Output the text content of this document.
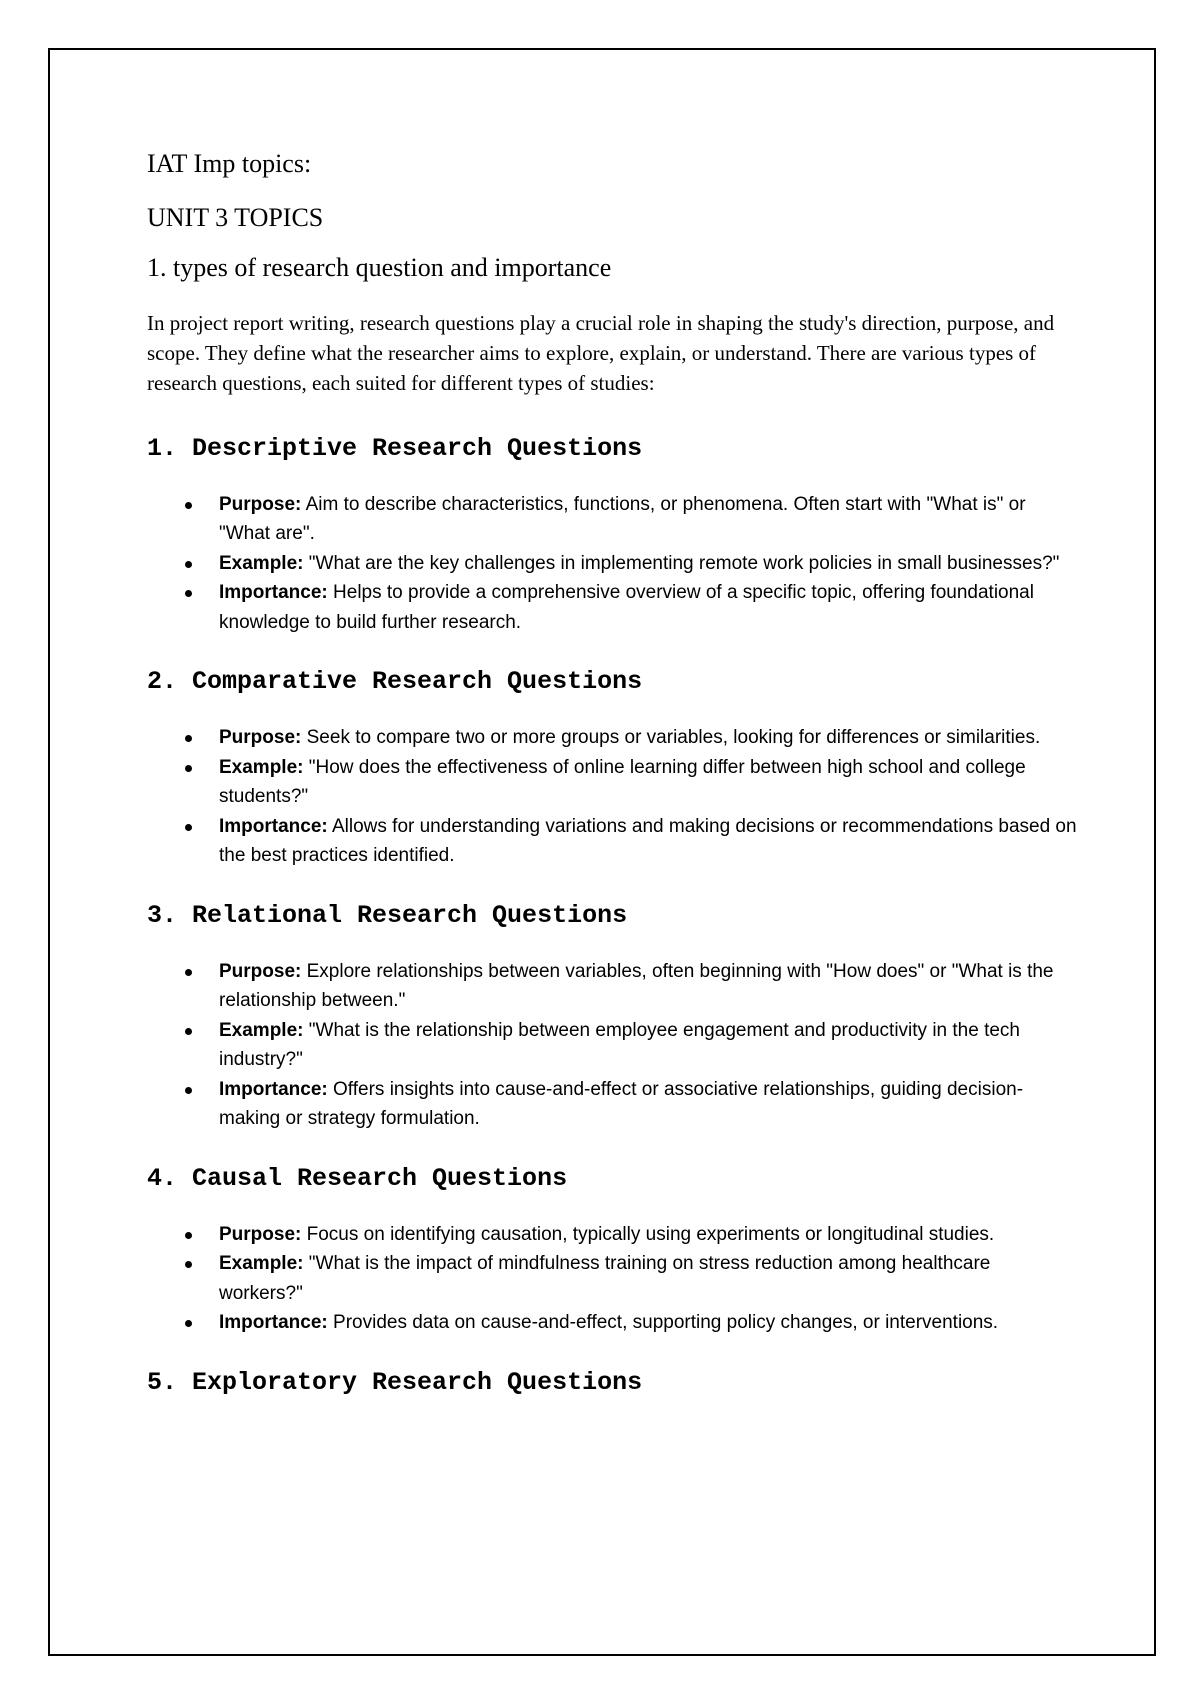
IAT Imp topics:

UNIT 3 TOPICS

1. types of research question and importance

In project report writing, research questions play a crucial role in shaping the study's direction, purpose, and scope. They define what the researcher aims to explore, explain, or understand. There are various types of research questions, each suited for different types of studies:

1. Descriptive Research Questions

Purpose: Aim to describe characteristics, functions, or phenomena. Often start with "What is" or "What are".
Example: "What are the key challenges in implementing remote work policies in small businesses?"
Importance: Helps to provide a comprehensive overview of a specific topic, offering foundational knowledge to build further research.

2. Comparative Research Questions

Purpose: Seek to compare two or more groups or variables, looking for differences or similarities.
Example: "How does the effectiveness of online learning differ between high school and college students?"
Importance: Allows for understanding variations and making decisions or recommendations based on the best practices identified.

3. Relational Research Questions

Purpose: Explore relationships between variables, often beginning with "How does" or "What is the relationship between."
Example: "What is the relationship between employee engagement and productivity in the tech industry?"
Importance: Offers insights into cause-and-effect or associative relationships, guiding decision-making or strategy formulation.

4. Causal Research Questions

Purpose: Focus on identifying causation, typically using experiments or longitudinal studies.
Example: "What is the impact of mindfulness training on stress reduction among healthcare workers?"
Importance: Provides data on cause-and-effect, supporting policy changes, or interventions.

5. Exploratory Research Questions
